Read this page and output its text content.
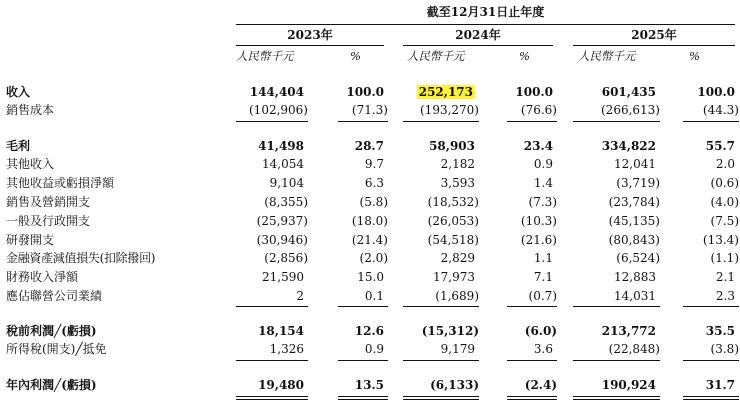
截至12月31日止年度
2023年	2024年	2025年
人民幣千元	%	人民幣千元	%	人民幣千元	%
收入	144,404	100.0	252,173	100.0	601,435	100.0
銷售成本	(102,906)	(71.3)	(193,270)	(76.6)	(266,613)	(44.3)
毛利	41,498	28.7	58,903	23.4	334,822	55.7
其他收入	14,054	9.7	2,182	0.9	12,041	2.0
其他收益或虧損淨額	9,104	6.3	3,593	1.4	(3,719)	(0.6)
銷售及營銷開支	(8,355)	(5.8)	(18,532)	(7.3)	(23,784)	(4.0)
一般及行政開支	(25,937)	(18.0)	(26,053)	(10.3)	(45,135)	(7.5)
研發開支	(30,946)	(21.4)	(54,518)	(21.6)	(80,843)	(13.4)
金融資產減值損失(扣除撥回)	(2,856)	(2.0)	2,829	1.1	(6,524)	(1.1)
財務收入淨額	21,590	15.0	17,973	7.1	12,883	2.1
應佔聯營公司業績	2	0.1	(1,689)	(0.7)	14,031	2.3
稅前利潤╱(虧損)	18,154	12.6	(15,312)	(6.0)	213,772	35.5
所得稅(開支)╱抵免	1,326	0.9	9,179	3.6	(22,848)	(3.8)
年內利潤╱(虧損)	19,480	13.5	(6,133)	(2.4)	190,924	31.7
